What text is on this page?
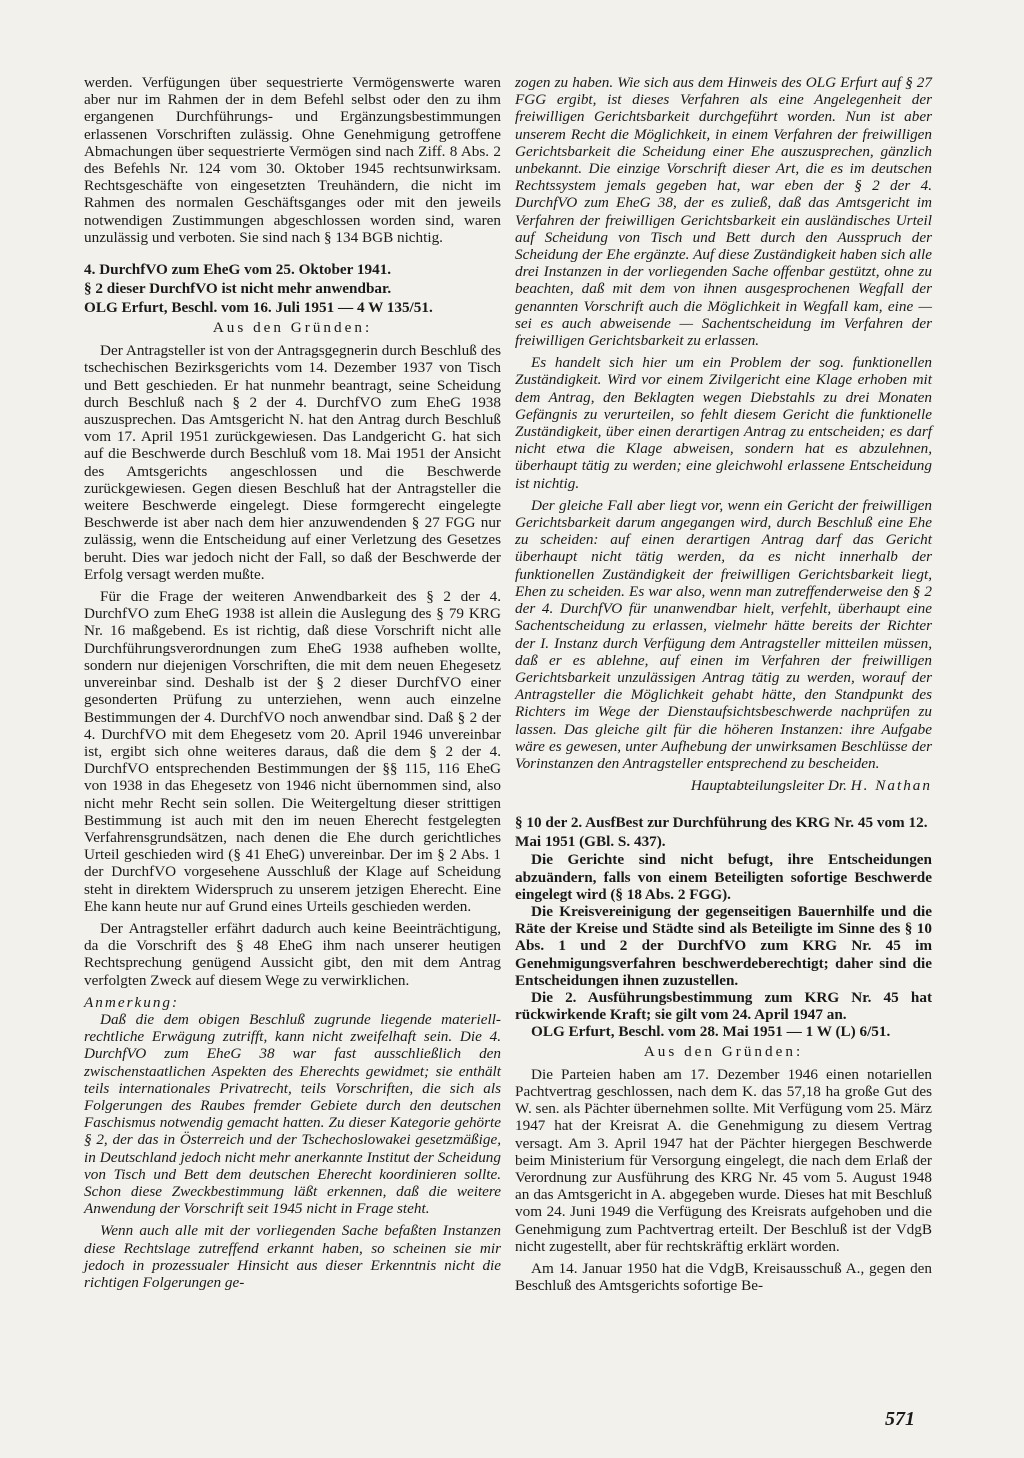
werden. Verfügungen über sequestrierte Vermögenswerte waren aber nur im Rahmen der in dem Befehl selbst oder den zu ihm ergangenen Durchführungs- und Ergänzungsbestimmungen erlassenen Vorschriften zulässig. Ohne Genehmigung getroffene Abmachungen über sequestrierte Vermögen sind nach Ziff. 8 Abs. 2 des Befehls Nr. 124 vom 30. Oktober 1945 rechtsunwirksam. Rechtsgeschäfte von eingesetzten Treuhändern, die nicht im Rahmen des normalen Geschäftsganges oder mit den jeweils notwendigen Zustimmungen abgeschlossen worden sind, waren unzulässig und verboten. Sie sind nach § 134 BGB nichtig.

4. DurchfVO zum EheG vom 25. Oktober 1941.

§ 2 dieser DurchfVO ist nicht mehr anwendbar.

OLG Erfurt, Beschl. vom 16. Juli 1951 — 4 W 135/51.

Aus den Gründen:

Der Antragsteller ist von der Antragsgegnerin durch Beschluß des tschechischen Bezirksgerichts vom 14. Dezember 1937 von Tisch und Bett geschieden. Er hat nunmehr beantragt, seine Scheidung durch Beschluß nach § 2 der 4. DurchfVO zum EheG 1938 auszusprechen. Das Amtsgericht N. hat den Antrag durch Beschluß vom 17. April 1951 zurückgewiesen. Das Landgericht G. hat sich auf die Beschwerde durch Beschluß vom 18. Mai 1951 der Ansicht des Amtsgerichts angeschlossen und die Beschwerde zurückgewiesen. Gegen diesen Beschluß hat der Antragsteller die weitere Beschwerde eingelegt. Diese formgerecht eingelegte Beschwerde ist aber nach dem hier anzuwendenden § 27 FGG nur zulässig, wenn die Entscheidung auf einer Verletzung des Gesetzes beruht. Dies war jedoch nicht der Fall, so daß der Beschwerde der Erfolg versagt werden mußte.

Für die Frage der weiteren Anwendbarkeit des § 2 der 4. DurchfVO zum EheG 1938 ist allein die Auslegung des § 79 KRG Nr. 16 maßgebend. Es ist richtig, daß diese Vorschrift nicht alle Durchführungsverordnungen zum EheG 1938 aufheben wollte, sondern nur diejenigen Vorschriften, die mit dem neuen Ehegesetz unvereinbar sind. Deshalb ist der § 2 dieser DurchfVO einer gesonderten Prüfung zu unterziehen, wenn auch einzelne Bestimmungen der 4. DurchfVO noch anwendbar sind. Daß § 2 der 4. DurchfVO mit dem Ehegesetz vom 20. April 1946 unvereinbar ist, ergibt sich ohne weiteres daraus, daß die dem § 2 der 4. DurchfVO entsprechenden Bestimmungen der §§ 115, 116 EheG von 1938 in das Ehegesetz von 1946 nicht übernommen sind, also nicht mehr Recht sein sollen. Die Weitergeltung dieser strittigen Bestimmung ist auch mit den im neuen Eherecht festgelegten Verfahrensgrundsätzen, nach denen die Ehe durch gerichtliches Urteil geschieden wird (§ 41 EheG) unvereinbar. Der im § 2 Abs. 1 der DurchfVO vorgesehene Ausschluß der Klage auf Scheidung steht in direktem Widerspruch zu unserem jetzigen Eherecht. Eine Ehe kann heute nur auf Grund eines Urteils geschieden werden.

Der Antragsteller erfährt dadurch auch keine Beeinträchtigung, da die Vorschrift des § 48 EheG ihm nach unserer heutigen Rechtsprechung genügend Aussicht gibt, den mit dem Antrag verfolgten Zweck auf diesem Wege zu verwirklichen.

Anmerkung:

Daß die dem obigen Beschluß zugrunde liegende materiell-rechtliche Erwägung zutrifft, kann nicht zweifelhaft sein. Die 4. DurchfVO zum EheG 38 war fast ausschließlich den zwischenstaatlichen Aspekten des Eherechts gewidmet; sie enthält teils internationales Privatrecht, teils Vorschriften, die sich als Folgerungen des Raubes fremder Gebiete durch den deutschen Faschismus notwendig gemacht hatten. Zu dieser Kategorie gehörte § 2, der das in Österreich und der Tschechoslowakei gesetzmäßige, in Deutschland jedoch nicht mehr anerkannte Institut der Scheidung von Tisch und Bett dem deutschen Eherecht koordinieren sollte. Schon diese Zweckbestimmung läßt erkennen, daß die weitere Anwendung der Vorschrift seit 1945 nicht in Frage steht.

Wenn auch alle mit der vorliegenden Sache befaßten Instanzen diese Rechtslage zutreffend erkannt haben, so scheinen sie mir jedoch in prozessualer Hinsicht aus dieser Erkenntnis nicht die richtigen Folgerungen ge-

zogen zu haben. Wie sich aus dem Hinweis des OLG Erfurt auf § 27 FGG ergibt, ist dieses Verfahren als eine Angelegenheit der freiwilligen Gerichtsbarkeit durchgeführt worden. Nun ist aber unserem Recht die Möglichkeit, in einem Verfahren der freiwilligen Gerichtsbarkeit die Scheidung einer Ehe auszusprechen, gänzlich unbekannt. Die einzige Vorschrift dieser Art, die es im deutschen Rechtssystem jemals gegeben hat, war eben der § 2 der 4. DurchfVO zum EheG 38, der es zuließ, daß das Amtsgericht im Verfahren der freiwilligen Gerichtsbarkeit ein ausländisches Urteil auf Scheidung von Tisch und Bett durch den Ausspruch der Scheidung der Ehe ergänzte. Auf diese Zuständigkeit haben sich alle drei Instanzen in der vorliegenden Sache offenbar gestützt, ohne zu beachten, daß mit dem von ihnen ausgesprochenen Wegfall der genannten Vorschrift auch die Möglichkeit in Wegfall kam, eine — sei es auch abweisende — Sachentscheidung im Verfahren der freiwilligen Gerichtsbarkeit zu erlassen.

Es handelt sich hier um ein Problem der sog. funktionellen Zuständigkeit. Wird vor einem Zivilgericht eine Klage erhoben mit dem Antrag, den Beklagten wegen Diebstahls zu drei Monaten Gefängnis zu verurteilen, so fehlt diesem Gericht die funktionelle Zuständigkeit, über einen derartigen Antrag zu entscheiden; es darf nicht etwa die Klage abweisen, sondern hat es abzulehnen, überhaupt tätig zu werden; eine gleichwohl erlassene Entscheidung ist nichtig.

Der gleiche Fall aber liegt vor, wenn ein Gericht der freiwilligen Gerichtsbarkeit darum angegangen wird, durch Beschluß eine Ehe zu scheiden: auf einen derartigen Antrag darf das Gericht überhaupt nicht tätig werden, da es nicht innerhalb der funktionellen Zuständigkeit der freiwilligen Gerichtsbarkeit liegt, Ehen zu scheiden. Es war also, wenn man zutreffenderweise den § 2 der 4. DurchfVO für unanwendbar hielt, verfehlt, überhaupt eine Sachentscheidung zu erlassen, vielmehr hätte bereits der Richter der I. Instanz durch Verfügung dem Antragsteller mitteilen müssen, daß er es ablehne, auf einen im Verfahren der freiwilligen Gerichtsbarkeit unzulässigen Antrag tätig zu werden, worauf der Antragsteller die Möglichkeit gehabt hätte, den Standpunkt des Richters im Wege der Dienstaufsichtsbeschwerde nachprüfen zu lassen. Das gleiche gilt für die höheren Instanzen: ihre Aufgabe wäre es gewesen, unter Aufhebung der unwirksamen Beschlüsse der Vorinstanzen den Antragsteller entsprechend zu bescheiden.

Hauptabteilungsleiter Dr. H. Nathan

§ 10 der 2. AusfBest zur Durchführung des KRG Nr. 45 vom 12. Mai 1951 (GBl. S. 437).

Die Gerichte sind nicht befugt, ihre Entscheidungen abzuändern, falls von einem Beteiligten sofortige Beschwerde eingelegt wird (§ 18 Abs. 2 FGG).

Die Kreisvereinigung der gegenseitigen Bauernhilfe und die Räte der Kreise und Städte sind als Beteiligte im Sinne des § 10 Abs. 1 und 2 der DurchfVO zum KRG Nr. 45 im Genehmigungsverfahren beschwerdeberechtigt; daher sind die Entscheidungen ihnen zuzustellen.

Die 2. Ausführungsbestimmung zum KRG Nr. 45 hat rückwirkende Kraft; sie gilt vom 24. April 1947 an.

OLG Erfurt, Beschl. vom 28. Mai 1951 — 1 W (L) 6/51.

Aus den Gründen:

Die Parteien haben am 17. Dezember 1946 einen notariellen Pachtvertrag geschlossen, nach dem K. das 57,18 ha große Gut des W. sen. als Pächter übernehmen sollte. Mit Verfügung vom 25. März 1947 hat der Kreisrat A. die Genehmigung zu diesem Vertrag versagt. Am 3. April 1947 hat der Pächter hiergegen Beschwerde beim Ministerium für Versorgung eingelegt, die nach dem Erlaß der Verordnung zur Ausführung des KRG Nr. 45 vom 5. August 1948 an das Amtsgericht in A. abgegeben wurde. Dieses hat mit Beschluß vom 24. Juni 1949 die Verfügung des Kreisrats aufgehoben und die Genehmigung zum Pachtvertrag erteilt. Der Beschluß ist der VdgB nicht zugestellt, aber für rechtskräftig erklärt worden.

Am 14. Januar 1950 hat die VdgB, Kreisausschuß A., gegen den Beschluß des Amtsgerichts sofortige Be-

571
